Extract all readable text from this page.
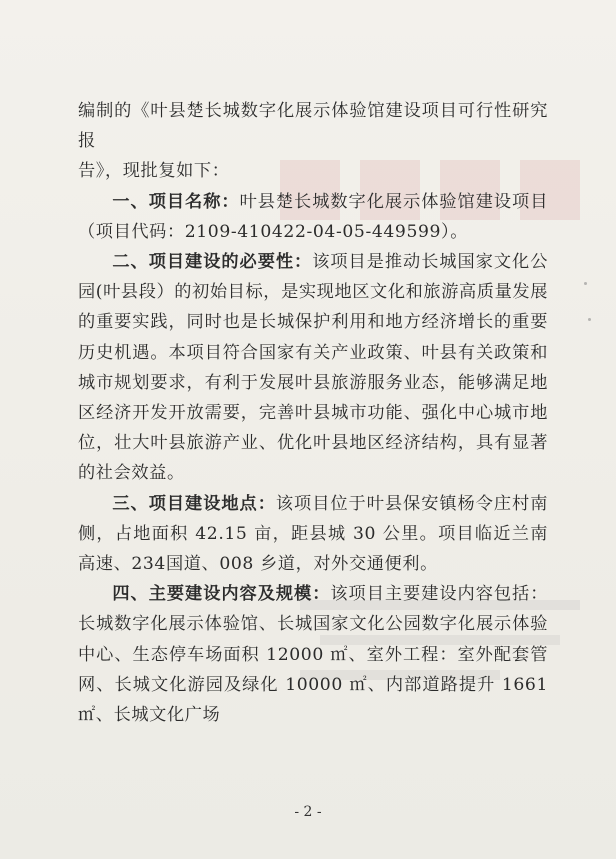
编制的《叶县楚长城数字化展示体验馆建设项目可行性研究报
告》，现批复如下：

一、项目名称：叶县楚长城数字化展示体验馆建设项目（项目代码：2109-410422-04-05-449599）。

二、项目建设的必要性：该项目是推动长城国家文化公园(叶县段）的初始目标，是实现地区文化和旅游高质量发展的重要实践，同时也是长城保护利用和地方经济增长的重要历史机遇。本项目符合国家有关产业政策、叶县有关政策和城市规划要求，有利于发展叶县旅游服务业态，能够满足地区经济开发开放需要，完善叶县城市功能、强化中心城市地位，壮大叶县旅游产业、优化叶县地区经济结构，具有显著的社会效益。

三、项目建设地点：该项目位于叶县保安镇杨令庄村南侧，占地面积 42.15 亩，距县城 30 公里。项目临近兰南高速、234国道、008 乡道，对外交通便利。

四、主要建设内容及规模：该项目主要建设内容包括：长城数字化展示体验馆、长城国家文化公园数字化展示体验中心、生态停车场面积 12000 ㎡、室外工程：室外配套管网、长城文化游园及绿化 10000 ㎡、内部道路提升 1661 ㎡、长城文化广场

- 2 -
